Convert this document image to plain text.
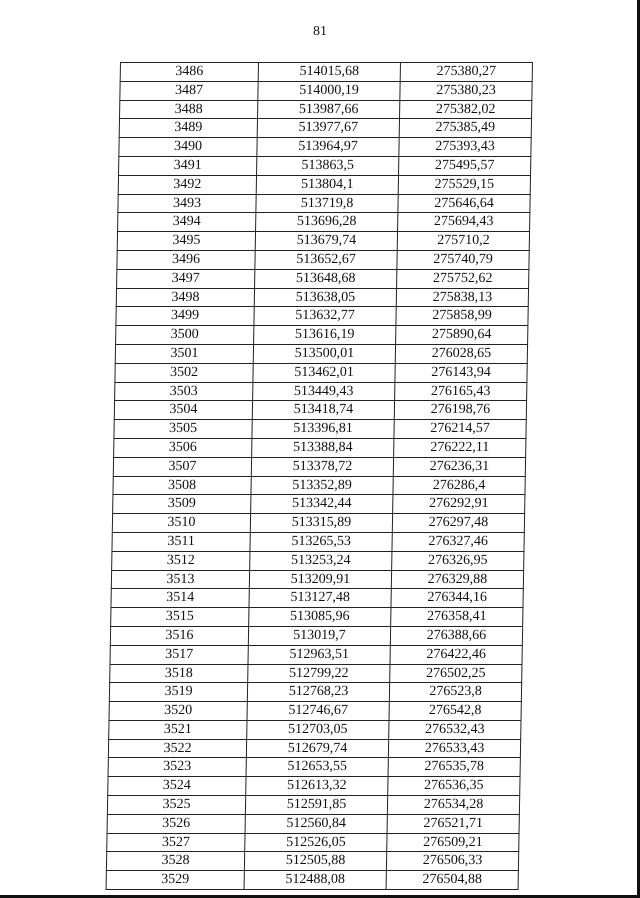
81
3486	514015,68	275380,27
3487	514000,19	275380,23
3488	513987,66	275382,02
3489	513977,67	275385,49
3490	513964,97	275393,43
3491	513863,5	275495,57
3492	513804,1	275529,15
3493	513719,8	275646,64
3494	513696,28	275694,43
3495	513679,74	275710,2
3496	513652,67	275740,79
3497	513648,68	275752,62
3498	513638,05	275838,13
3499	513632,77	275858,99
3500	513616,19	275890,64
3501	513500,01	276028,65
3502	513462,01	276143,94
3503	513449,43	276165,43
3504	513418,74	276198,76
3505	513396,81	276214,57
3506	513388,84	276222,11
3507	513378,72	276236,31
3508	513352,89	276286,4
3509	513342,44	276292,91
3510	513315,89	276297,48
3511	513265,53	276327,46
3512	513253,24	276326,95
3513	513209,91	276329,88
3514	513127,48	276344,16
3515	513085,96	276358,41
3516	513019,7	276388,66
3517	512963,51	276422,46
3518	512799,22	276502,25
3519	512768,23	276523,8
3520	512746,67	276542,8
3521	512703,05	276532,43
3522	512679,74	276533,43
3523	512653,55	276535,78
3524	512613,32	276536,35
3525	512591,85	276534,28
3526	512560,84	276521,71
3527	512526,05	276509,21
3528	512505,88	276506,33
3529	512488,08	276504,88
